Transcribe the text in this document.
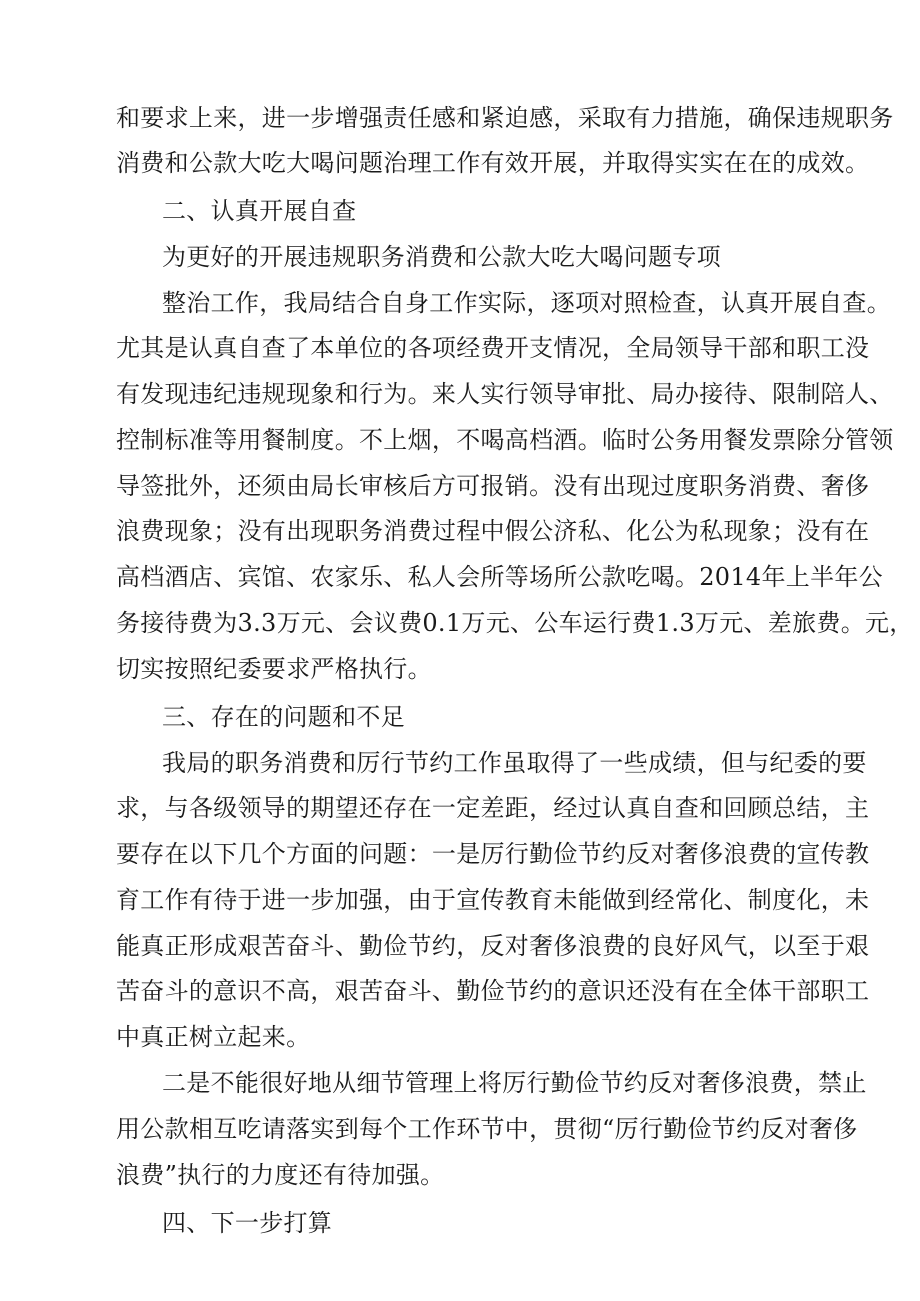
和要求上来，进一步增强责任感和紧迫感，采取有力措施，确保违规职务
消费和公款大吃大喝问题治理工作有效开展，并取得实实在在的成效。
二、认真开展自查
为更好的开展违规职务消费和公款大吃大喝问题专项
整治工作，我局结合自身工作实际，逐项对照检查，认真开展自查。
尤其是认真自查了本单位的各项经费开支情况，全局领导干部和职工没
有发现违纪违规现象和行为。来人实行领导审批、局办接待、限制陪人、
控制标准等用餐制度。不上烟，不喝高档酒。临时公务用餐发票除分管领
导签批外，还须由局长审核后方可报销。没有出现过度职务消费、奢侈
浪费现象；没有出现职务消费过程中假公济私、化公为私现象；没有在
高档酒店、宾馆、农家乐、私人会所等场所公款吃喝。2014年上半年公
务接待费为3.3万元、会议费0.1万元、公车运行费1.3万元、差旅费。元，
切实按照纪委要求严格执行。
三、存在的问题和不足
我局的职务消费和厉行节约工作虽取得了一些成绩，但与纪委的要
求，与各级领导的期望还存在一定差距，经过认真自查和回顾总结，主
要存在以下几个方面的问题：一是厉行勤俭节约反对奢侈浪费的宣传教
育工作有待于进一步加强，由于宣传教育未能做到经常化、制度化，未
能真正形成艰苦奋斗、勤俭节约，反对奢侈浪费的良好风气，以至于艰
苦奋斗的意识不高，艰苦奋斗、勤俭节约的意识还没有在全体干部职工
中真正树立起来。
二是不能很好地从细节管理上将厉行勤俭节约反对奢侈浪费，禁止
用公款相互吃请落实到每个工作环节中，贯彻“厉行勤俭节约反对奢侈
浪费”执行的力度还有待加强。
四、下一步打算
